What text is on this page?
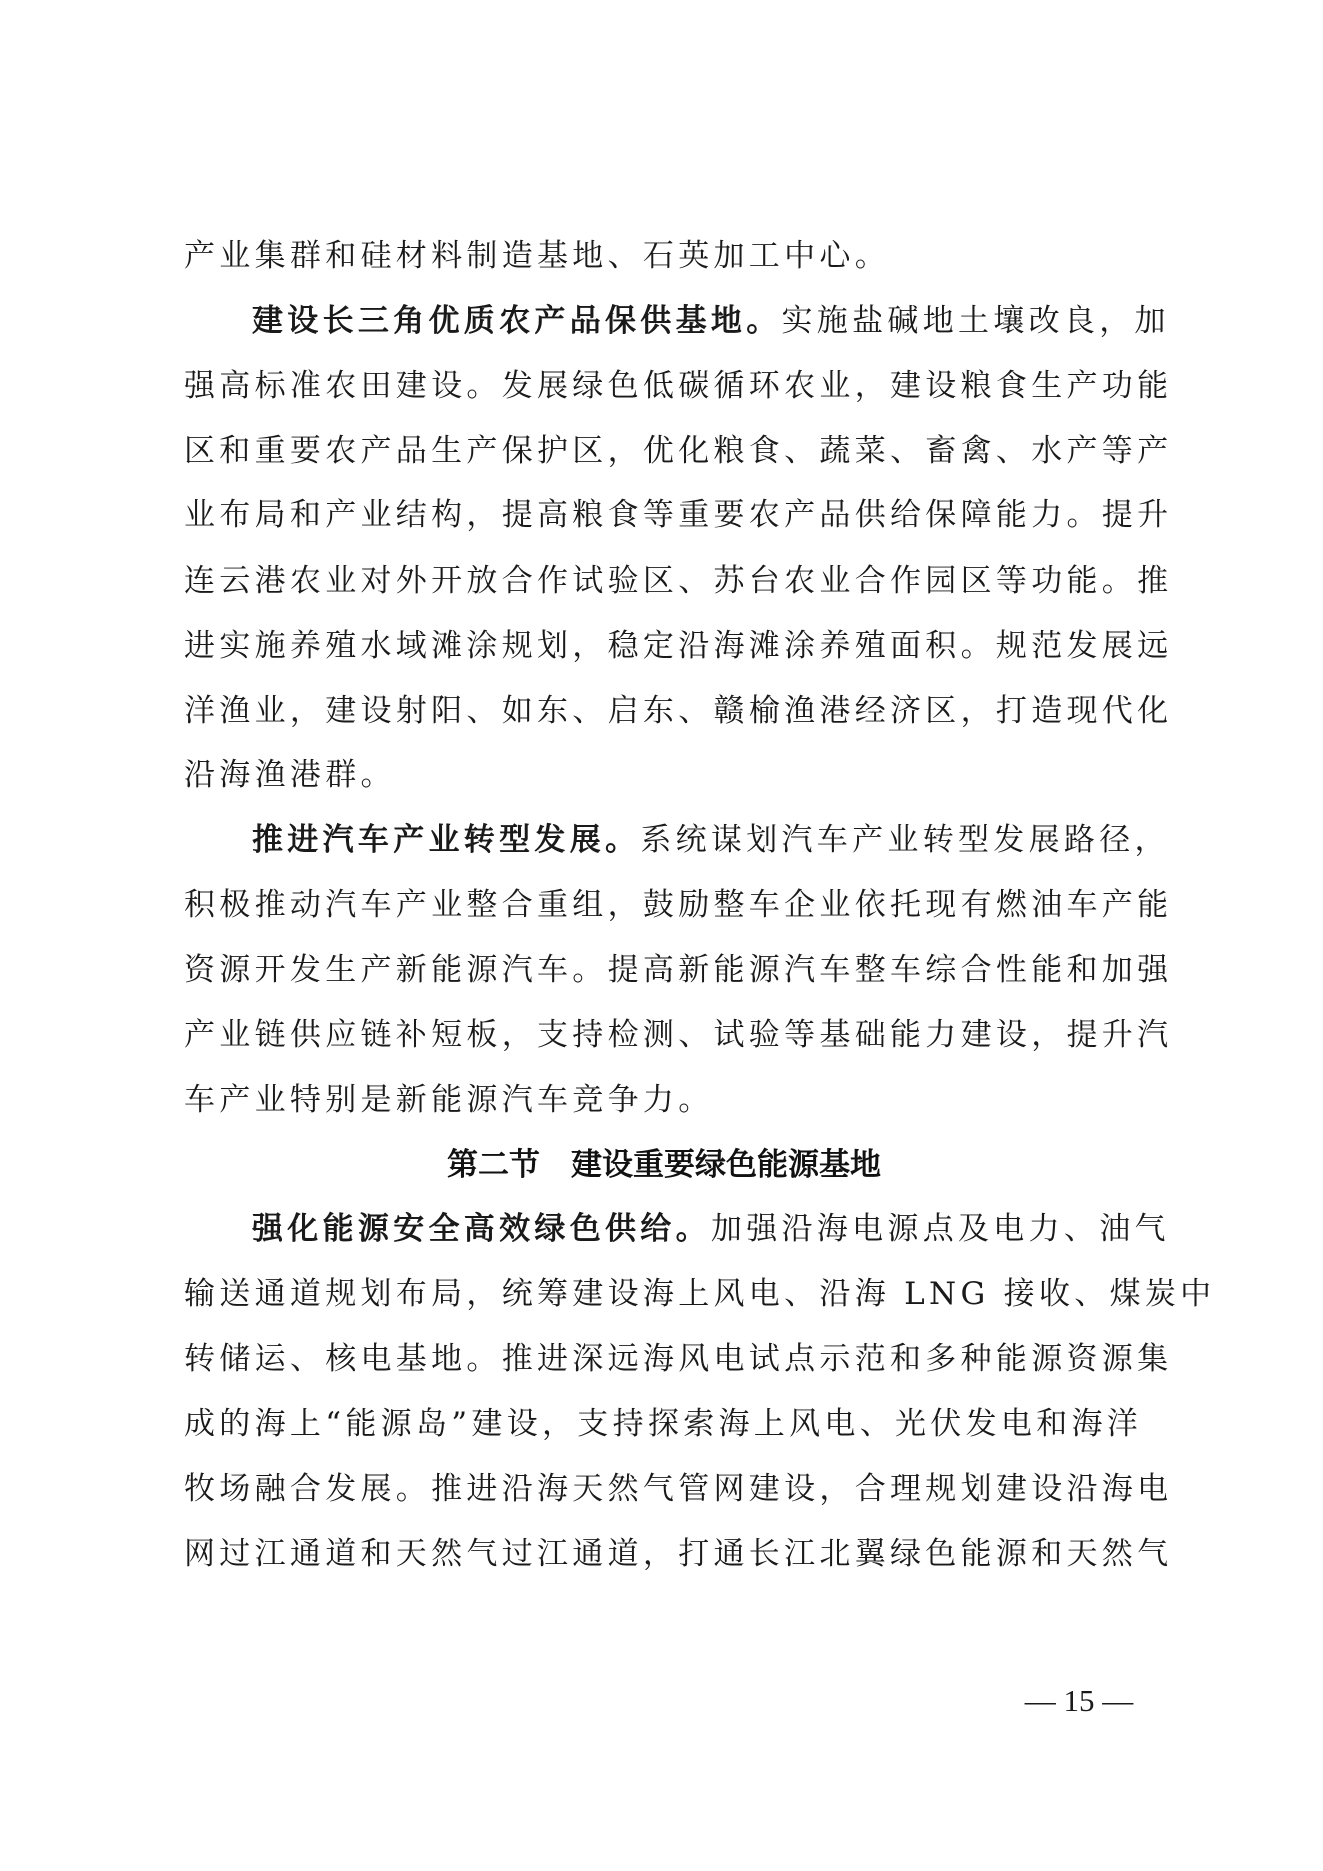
产业集群和硅材料制造基地、石英加工中心。
建设长三角优质农产品保供基地。实施盐碱地土壤改良，加
强高标准农田建设。发展绿色低碳循环农业，建设粮食生产功能
区和重要农产品生产保护区，优化粮食、蔬菜、畜禽、水产等产
业布局和产业结构，提高粮食等重要农产品供给保障能力。提升
连云港农业对外开放合作试验区、苏台农业合作园区等功能。推
进实施养殖水域滩涂规划，稳定沿海滩涂养殖面积。规范发展远
洋渔业，建设射阳、如东、启东、赣榆渔港经济区，打造现代化
沿海渔港群。
推进汽车产业转型发展。系统谋划汽车产业转型发展路径，
积极推动汽车产业整合重组，鼓励整车企业依托现有燃油车产能
资源开发生产新能源汽车。提高新能源汽车整车综合性能和加强
产业链供应链补短板，支持检测、试验等基础能力建设，提升汽
车产业特别是新能源汽车竞争力。
第二节　建设重要绿色能源基地
强化能源安全高效绿色供给。加强沿海电源点及电力、油气
输送通道规划布局，统筹建设海上风电、沿海 LNG 接收、煤炭中
转储运、核电基地。推进深远海风电试点示范和多种能源资源集
成的海上“能源岛”建设，支持探索海上风电、光伏发电和海洋
牧场融合发展。推进沿海天然气管网建设，合理规划建设沿海电
网过江通道和天然气过江通道，打通长江北翼绿色能源和天然气
— 15 —
